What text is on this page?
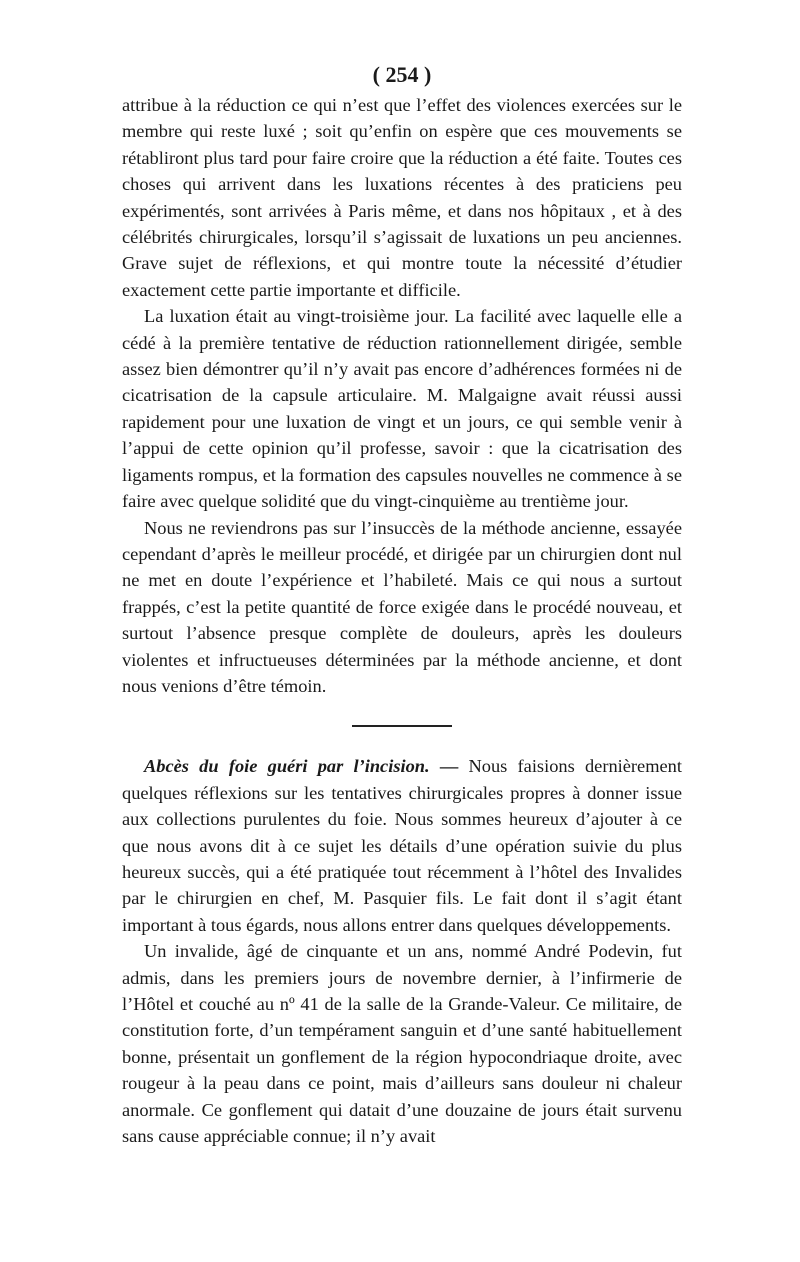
( 254 )

attribue à la réduction ce qui n’est que l’effet des violences exercées sur le membre qui reste luxé ; soit qu’enfin on espère que ces mouvements se rétabliront plus tard pour faire croire que la réduction a été faite. Toutes ces choses qui arrivent dans les luxations récentes à des praticiens peu expérimentés, sont arrivées à Paris même, et dans nos hôpitaux , et à des célébrités chirurgicales, lorsqu’il s’agissait de luxations un peu anciennes. Grave sujet de réflexions, et qui montre toute la nécessité d’étudier exactement cette partie importante et difficile.

La luxation était au vingt-troisième jour. La facilité avec laquelle elle a cédé à la première tentative de réduction rationnellement dirigée, semble assez bien démontrer qu’il n’y avait pas encore d’adhérences formées ni de cicatrisation de la capsule articulaire. M. Malgaigne avait réussi aussi rapidement pour une luxation de vingt et un jours, ce qui semble venir à l’appui de cette opinion qu’il professe, savoir : que la cicatrisation des ligaments rompus, et la formation des capsules nouvelles ne commence à se faire avec quelque solidité que du vingt-cinquième au trentième jour.

Nous ne reviendrons pas sur l’insuccès de la méthode ancienne, essayée cependant d’après le meilleur procédé, et dirigée par un chirurgien dont nul ne met en doute l’expérience et l’habileté. Mais ce qui nous a surtout frappés, c’est la petite quantité de force exigée dans le procédé nouveau, et surtout l’absence presque complète de douleurs, après les douleurs violentes et infructueuses déterminées par la méthode ancienne, et dont nous venions d’être témoin.

Abcès du foie guéri par l’incision. — Nous faisions dernièrement quelques réflexions sur les tentatives chirurgicales propres à donner issue aux collections purulentes du foie. Nous sommes heureux d’ajouter à ce que nous avons dit à ce sujet les détails d’une opération suivie du plus heureux succès, qui a été pratiquée tout récemment à l’hôtel des Invalides par le chirurgien en chef, M. Pasquier fils. Le fait dont il s’agit étant important à tous égards, nous allons entrer dans quelques développements.

Un invalide, âgé de cinquante et un ans, nommé André Podevin, fut admis, dans les premiers jours de novembre dernier, à l’infirmerie de l’Hôtel et couché au nº 41 de la salle de la Grande-Valeur. Ce militaire, de constitution forte, d’un tempérament sanguin et d’une santé habituellement bonne, présentait un gonflement de la région hypocondriaque droite, avec rougeur à la peau dans ce point, mais d’ailleurs sans douleur ni chaleur anormale. Ce gonflement qui datait d’une douzaine de jours était survenu sans cause appréciable connue; il n’y avait
